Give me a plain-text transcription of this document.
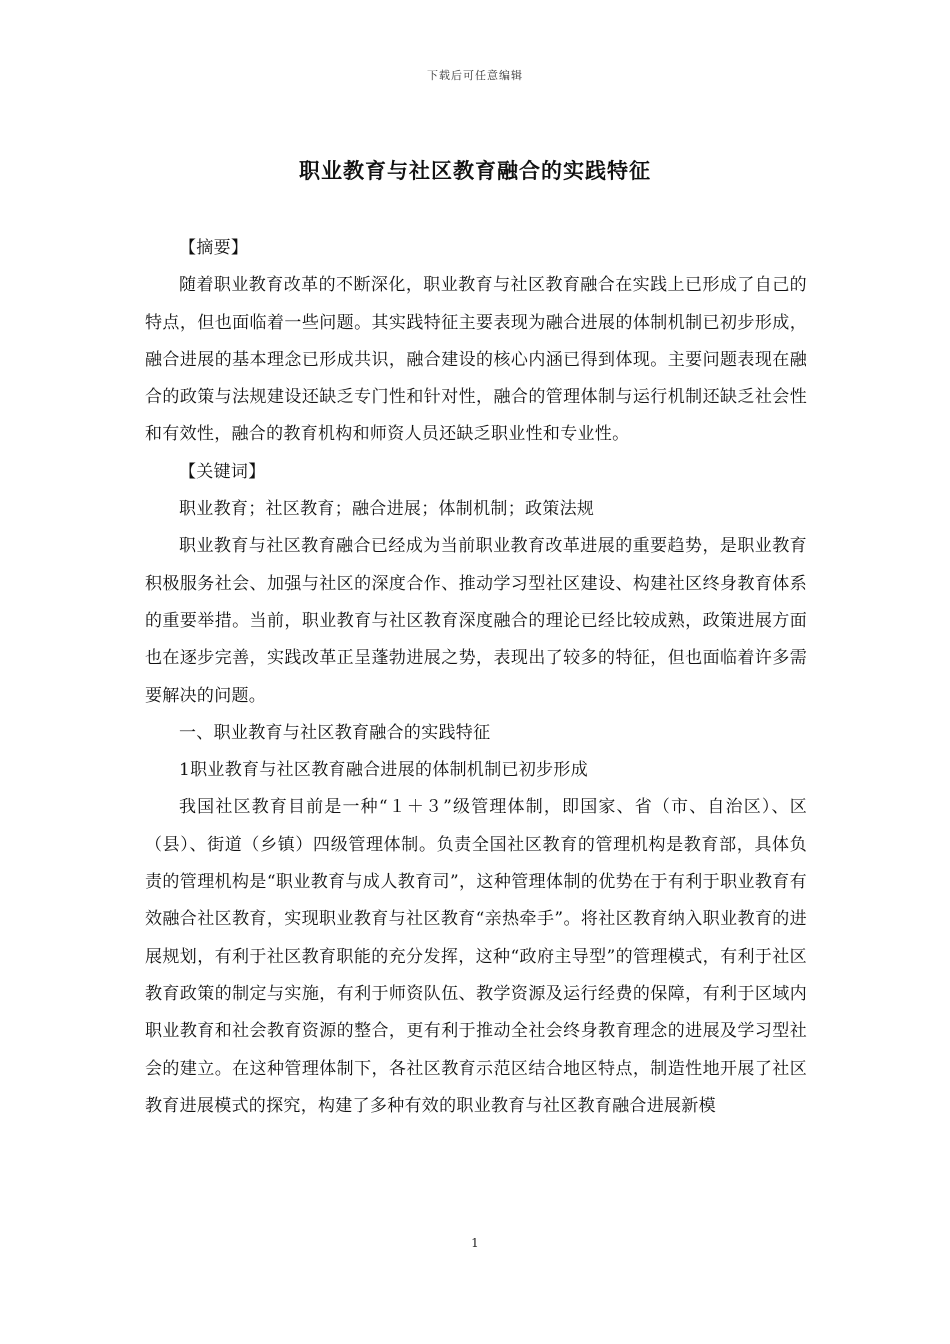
下载后可任意编辑
职业教育与社区教育融合的实践特征

【摘要】

随着职业教育改革的不断深化，职业教育与社区教育融合在实践上已形成了自己的特点，但也面临着一些问题。其实践特征主要表现为融合进展的体制机制已初步形成，融合进展的基本理念已形成共识，融合建设的核心内涵已得到体现。主要问题表现在融合的政策与法规建设还缺乏专门性和针对性，融合的管理体制与运行机制还缺乏社会性和有效性，融合的教育机构和师资人员还缺乏职业性和专业性。

【关键词】

职业教育；社区教育；融合进展；体制机制；政策法规

职业教育与社区教育融合已经成为当前职业教育改革进展的重要趋势，是职业教育积极服务社会、加强与社区的深度合作、推动学习型社区建设、构建社区终身教育体系的重要举措。当前，职业教育与社区教育深度融合的理论已经比较成熟，政策进展方面也在逐步完善，实践改革正呈蓬勃进展之势，表现出了较多的特征，但也面临着许多需要解决的问题。

一、职业教育与社区教育融合的实践特征

1职业教育与社区教育融合进展的体制机制已初步形成

我国社区教育目前是一种“１＋３”级管理体制，即国家、省（市、自治区）、区（县）、街道（乡镇）四级管理体制。负责全国社区教育的管理机构是教育部，具体负责的管理机构是“职业教育与成人教育司”，这种管理体制的优势在于有利于职业教育有效融合社区教育，实现职业教育与社区教育“亲热牵手”。将社区教育纳入职业教育的进展规划，有利于社区教育职能的充分发挥，这种“政府主导型”的管理模式，有利于社区教育政策的制定与实施，有利于师资队伍、教学资源及运行经费的保障，有利于区域内职业教育和社会教育资源的整合，更有利于推动全社会终身教育理念的进展及学习型社会的建立。在这种管理体制下，各社区教育示范区结合地区特点，制造性地开展了社区教育进展模式的探究，构建了多种有效的职业教育与社区教育融合进展新模

1
